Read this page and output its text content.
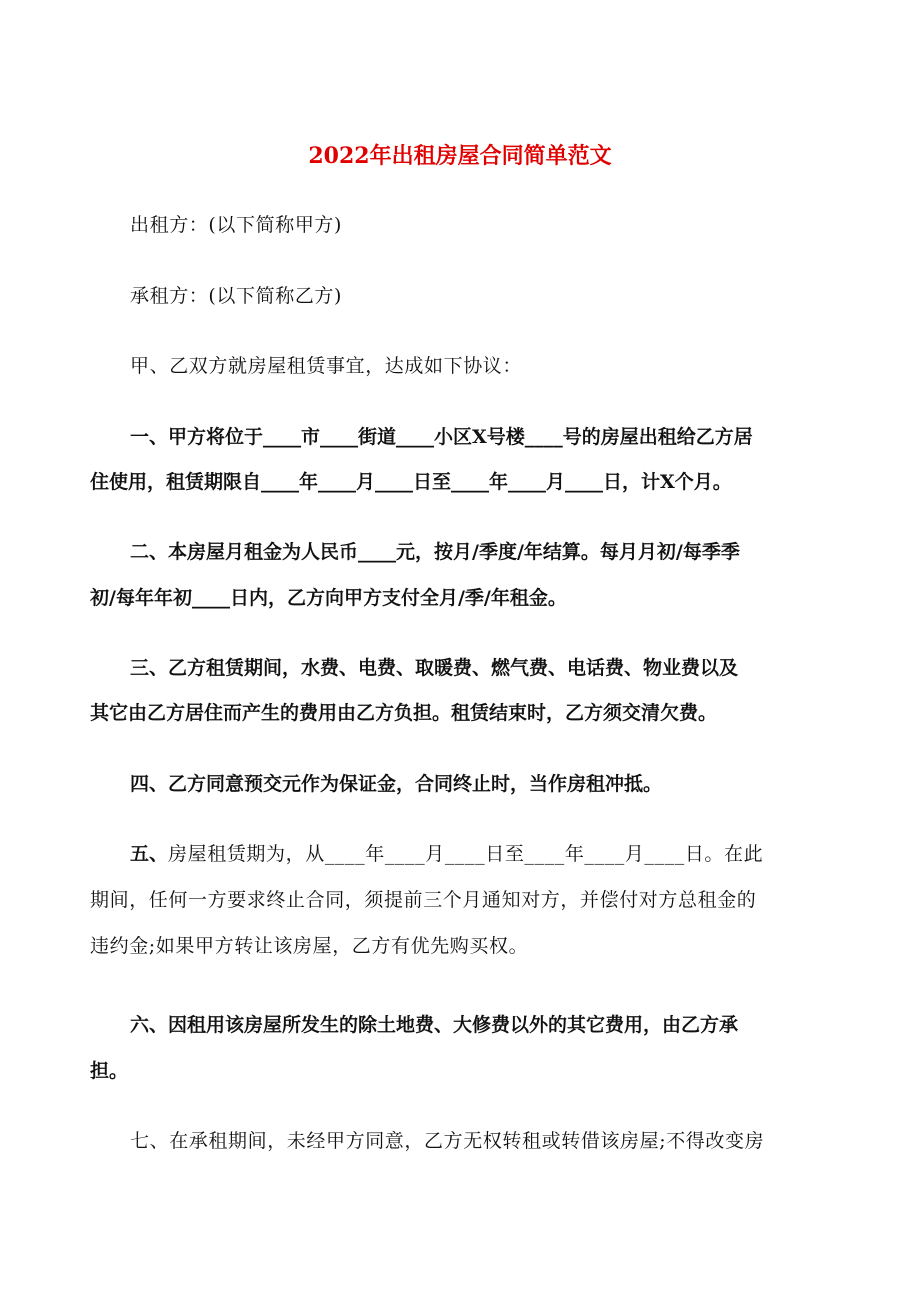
2022年出租房屋合同简单范文
出租方：(以下简称甲方)
承租方：(以下简称乙方)
甲、乙双方就房屋租赁事宜，达成如下协议：
一、甲方将位于____市____街道____小区X号楼____号的房屋出租给乙方居
住使用，租赁期限自____年____月____日至____年____月____日，计X个月。
二、本房屋月租金为人民币____元，按月/季度/年结算。每月月初/每季季
初/每年年初____日内，乙方向甲方支付全月/季/年租金。
三、乙方租赁期间，水费、电费、取暖费、燃气费、电话费、物业费以及
其它由乙方居住而产生的费用由乙方负担。租赁结束时，乙方须交清欠费。
四、乙方同意预交元作为保证金，合同终止时，当作房租冲抵。
五、房屋租赁期为，从____年____月____日至____年____月____日。在此
期间，任何一方要求终止合同，须提前三个月通知对方，并偿付对方总租金的
违约金;如果甲方转让该房屋，乙方有优先购买权。
六、因租用该房屋所发生的除土地费、大修费以外的其它费用，由乙方承
担。
七、在承租期间，未经甲方同意，乙方无权转租或转借该房屋;不得改变房
